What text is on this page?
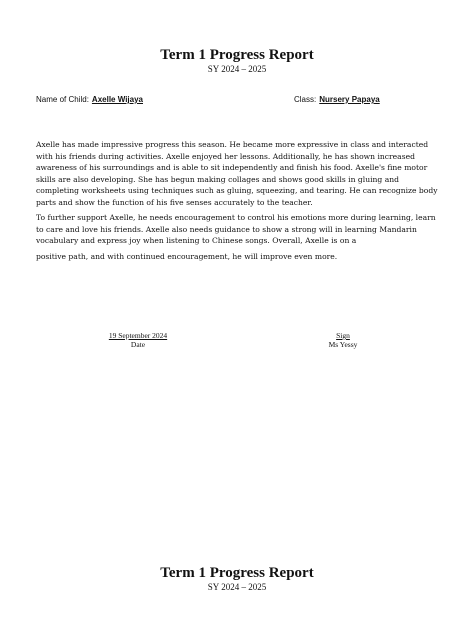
Term 1 Progress Report
SY 2024 – 2025
Name of Child: Axelle Wijaya	Class: Nursery Papaya
Axelle has made impressive progress this season. He became more expressive in class and interacted with his friends during activities. Axelle enjoyed her lessons. Additionally, he has shown increased awareness of his surroundings and is able to sit independently and finish his food. Axelle's fine motor skills are also developing. She has begun making collages and shows good skills in gluing and completing worksheets using techniques such as gluing, squeezing, and tearing. He can recognize body parts and show the function of his five senses accurately to the teacher.
To further support Axelle, he needs encouragement to control his emotions more during learning, learn to care and love his friends. Axelle also needs guidance to show a strong will in learning Mandarin vocabulary and express joy when listening to Chinese songs. Overall, Axelle is on a
positive path, and with continued encouragement, he will improve even more.
19 September 2024
Date
Sign
Ms Yessy
Term 1 Progress Report
SY 2024 – 2025
